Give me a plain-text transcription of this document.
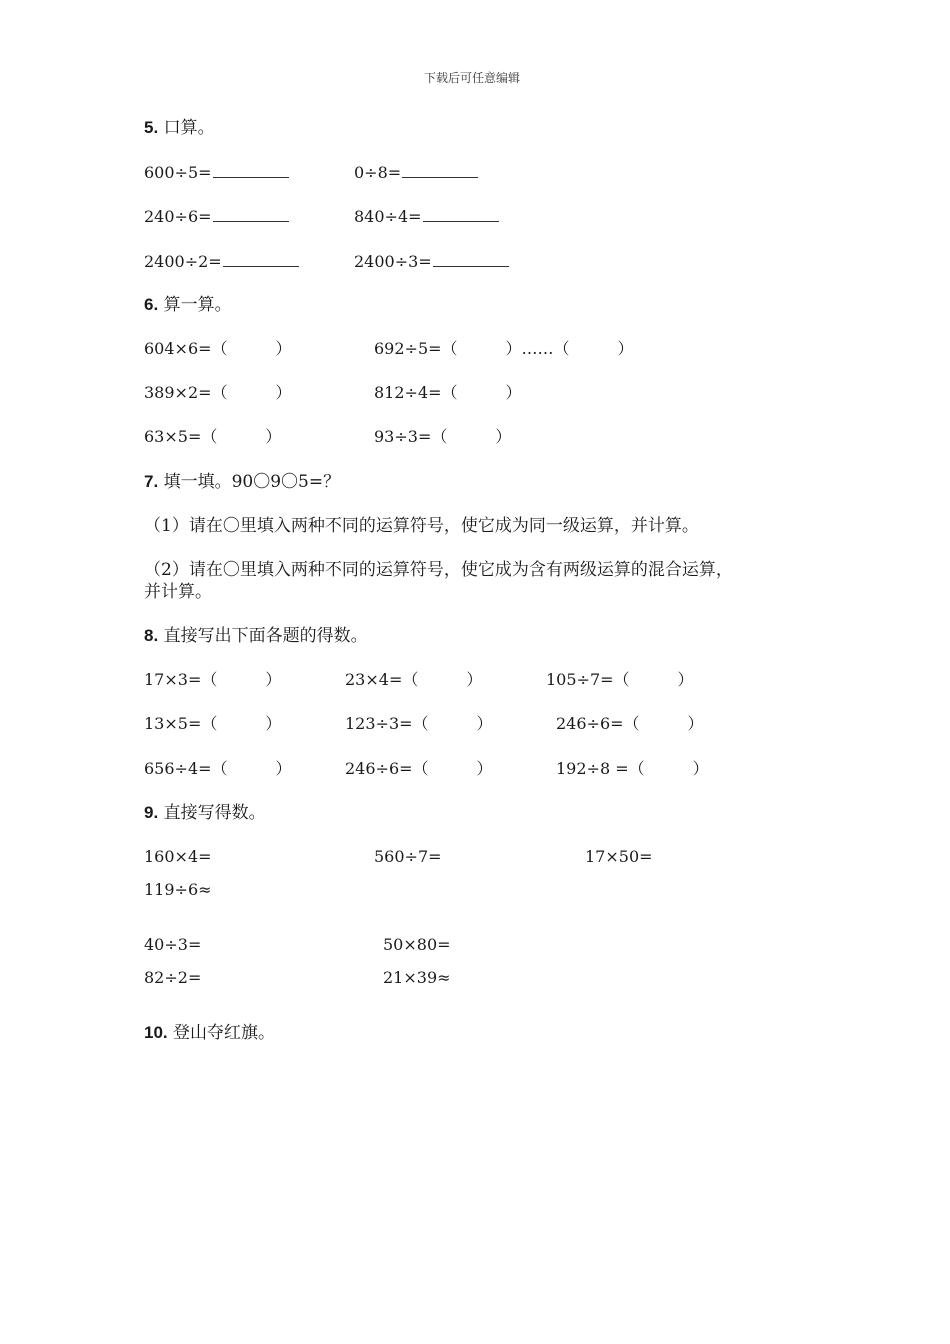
下载后可任意编辑
5. 口算。
600÷5=	0÷8=
240÷6=	840÷4=
2400÷2=	2400÷3=
6. 算一算。
604×6=（　　　）	692÷5=（　　　）……（　　　）
389×2=（　　　）	812÷4=（　　　）
63×5=（　　　）	93÷3=（　　　）
7. 填一填。90〇9〇5=？
（1）请在〇里填入两种不同的运算符号，使它成为同一级运算，并计算。
（2）请在〇里填入两种不同的运算符号，使它成为含有两级运算的混合运算，
并计算。
8. 直接写出下面各题的得数。
17×3=（　　　）	23×4=（　　　）	105÷7=（　　　）
13×5=（　　　）	123÷3=（　　　）	246÷6=（　　　）
656÷4=（　　　）	246÷6=（　　　）	192÷8 =（　　　）
9. 直接写得数。
160×4=	560÷7=	17×50=
119÷6≈
40÷3=	50×80=
82÷2=	21×39≈
10. 登山夺红旗。
